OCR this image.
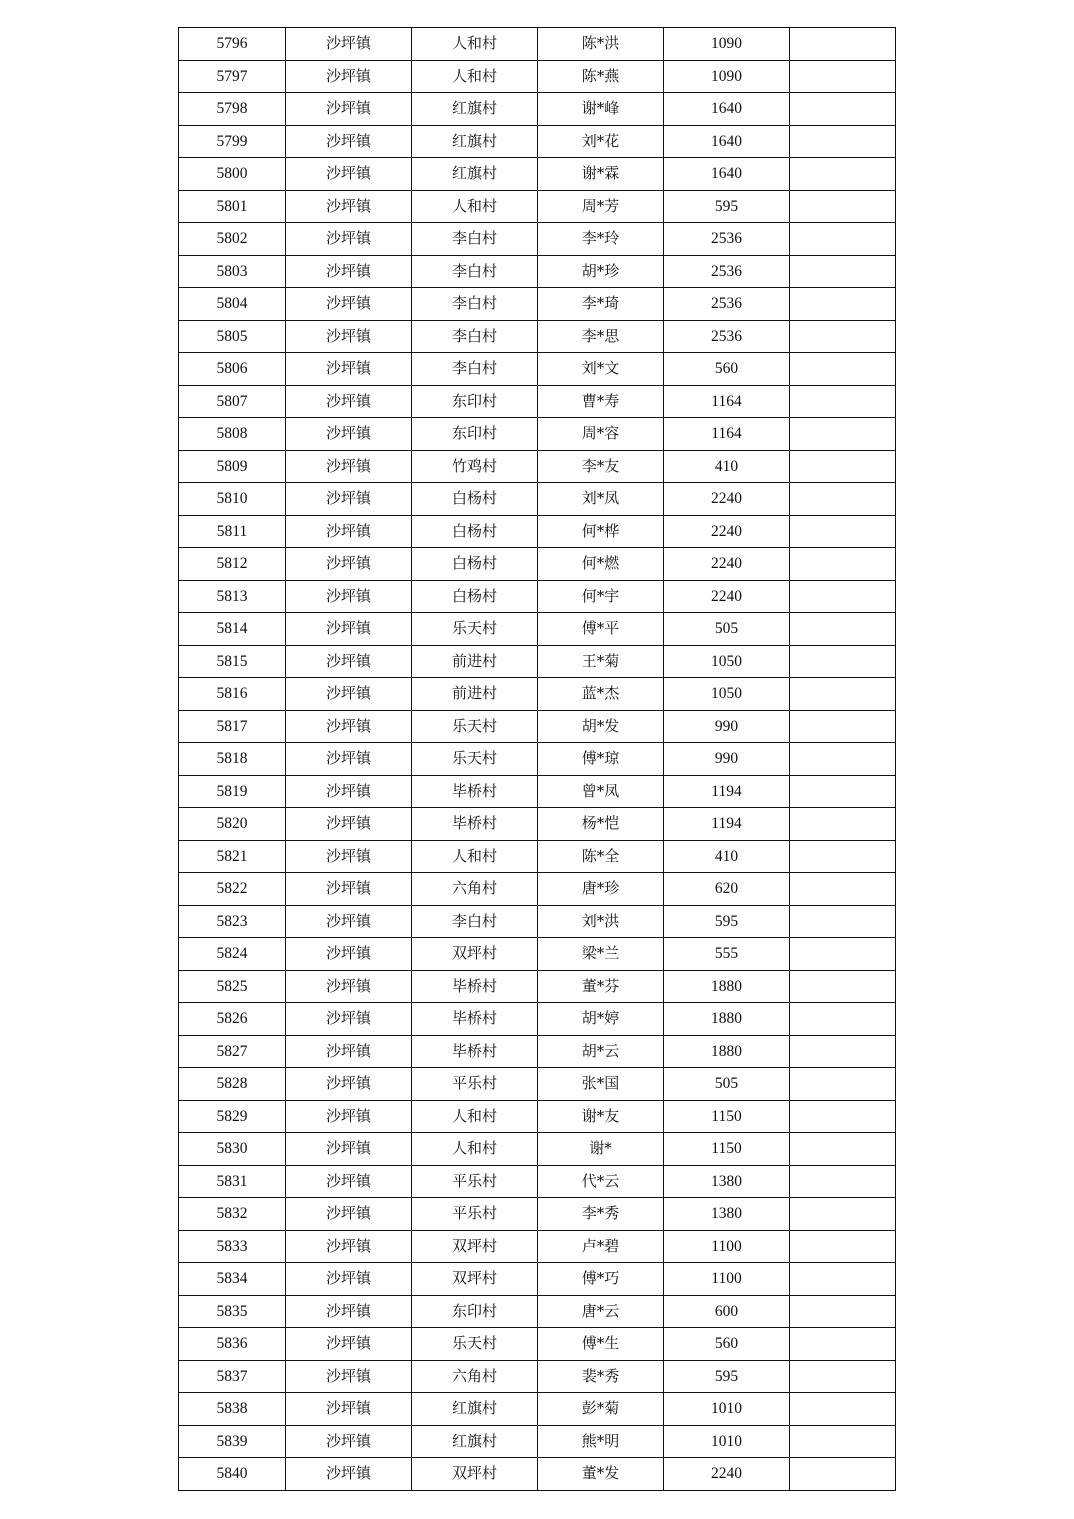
5796	沙坪镇	人和村	陈*洪	1090	
5797	沙坪镇	人和村	陈*燕	1090	
5798	沙坪镇	红旗村	谢*峰	1640	
5799	沙坪镇	红旗村	刘*花	1640	
5800	沙坪镇	红旗村	谢*霖	1640	
5801	沙坪镇	人和村	周*芳	595	
5802	沙坪镇	李白村	李*玲	2536	
5803	沙坪镇	李白村	胡*珍	2536	
5804	沙坪镇	李白村	李*琦	2536	
5805	沙坪镇	李白村	李*思	2536	
5806	沙坪镇	李白村	刘*文	560	
5807	沙坪镇	东印村	曹*寿	1164	
5808	沙坪镇	东印村	周*容	1164	
5809	沙坪镇	竹鸡村	李*友	410	
5810	沙坪镇	白杨村	刘*凤	2240	
5811	沙坪镇	白杨村	何*桦	2240	
5812	沙坪镇	白杨村	何*燃	2240	
5813	沙坪镇	白杨村	何*宇	2240	
5814	沙坪镇	乐天村	傅*平	505	
5815	沙坪镇	前进村	王*菊	1050	
5816	沙坪镇	前进村	蓝*杰	1050	
5817	沙坪镇	乐天村	胡*发	990	
5818	沙坪镇	乐天村	傅*琼	990	
5819	沙坪镇	毕桥村	曾*凤	1194	
5820	沙坪镇	毕桥村	杨*恺	1194	
5821	沙坪镇	人和村	陈*全	410	
5822	沙坪镇	六角村	唐*珍	620	
5823	沙坪镇	李白村	刘*洪	595	
5824	沙坪镇	双坪村	梁*兰	555	
5825	沙坪镇	毕桥村	董*芬	1880	
5826	沙坪镇	毕桥村	胡*婷	1880	
5827	沙坪镇	毕桥村	胡*云	1880	
5828	沙坪镇	平乐村	张*国	505	
5829	沙坪镇	人和村	谢*友	1150	
5830	沙坪镇	人和村	谢*	1150	
5831	沙坪镇	平乐村	代*云	1380	
5832	沙坪镇	平乐村	李*秀	1380	
5833	沙坪镇	双坪村	卢*碧	1100	
5834	沙坪镇	双坪村	傅*巧	1100	
5835	沙坪镇	东印村	唐*云	600	
5836	沙坪镇	乐天村	傅*生	560	
5837	沙坪镇	六角村	裴*秀	595	
5838	沙坪镇	红旗村	彭*菊	1010	
5839	沙坪镇	红旗村	熊*明	1010	
5840	沙坪镇	双坪村	董*发	2240	
